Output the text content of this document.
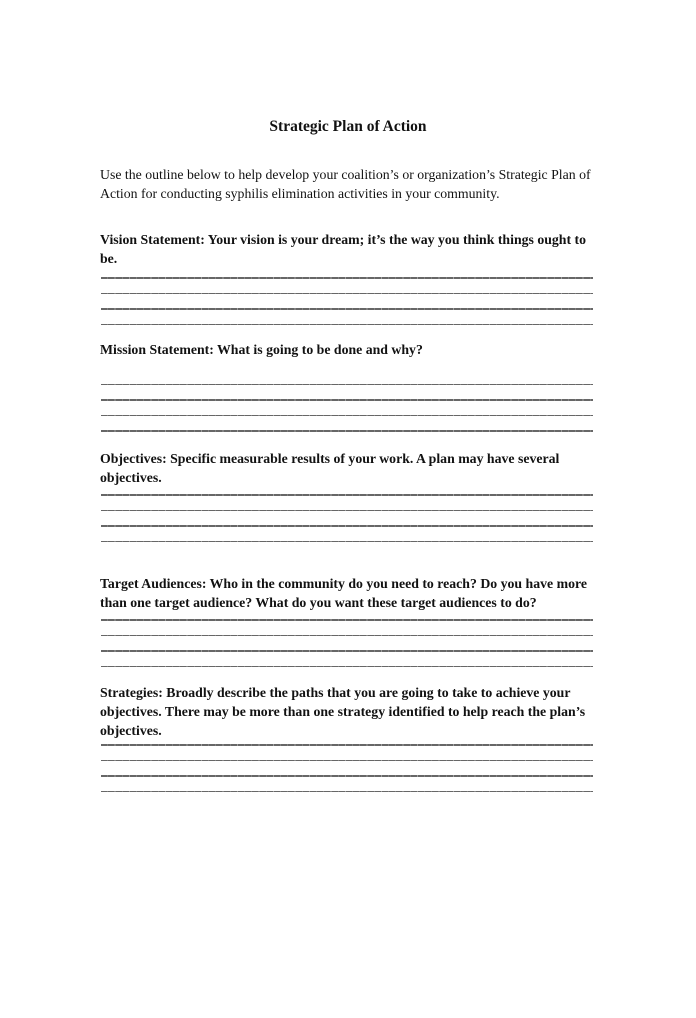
Strategic Plan of Action

Use the outline below to help develop your coalition’s or organization’s Strategic Plan of Action for conducting syphilis elimination activities in your community.

Vision Statement: Your vision is your dream; it’s the way you think things ought to be.

Mission Statement: What is going to be done and why?

Objectives: Specific measurable results of your work. A plan may have several objectives.

Target Audiences: Who in the community do you need to reach? Do you have more than one target audience? What do you want these target audiences to do?

Strategies: Broadly describe the paths that you are going to take to achieve your objectives. There may be more than one strategy identified to help reach the plan’s objectives.
